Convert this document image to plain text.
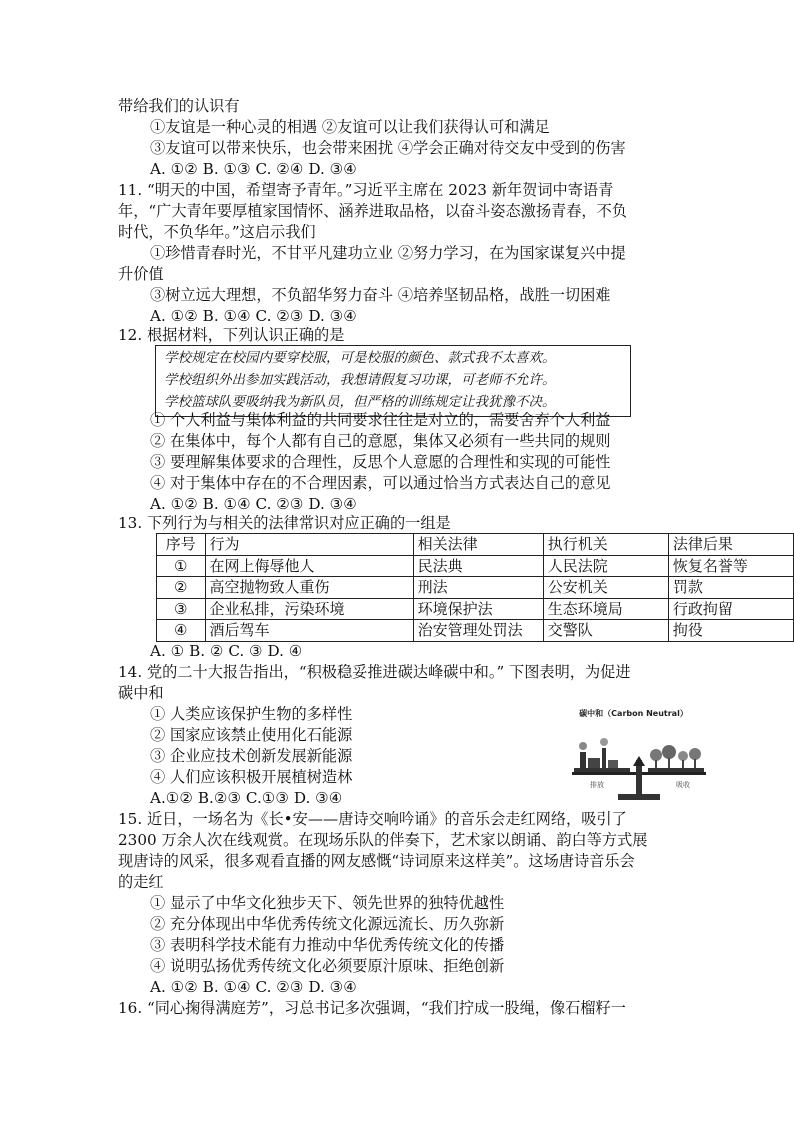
带给我们的认识有
①友谊是一种心灵的相遇 ②友谊可以让我们获得认可和满足
③友谊可以带来快乐，也会带来困扰 ④学会正确对待交友中受到的伤害
A. ①② B. ①③ C. ②④ D. ③④
11. “明天的中国，希望寄予青年。”习近平主席在 2023 新年贺词中寄语青
年，“广大青年要厚植家国情怀、涵养进取品格，以奋斗姿态激扬青春，不负
时代，不负华年。”这启示我们
①珍惜青春时光，不甘平凡建功立业 ②努力学习，在为国家谋复兴中提
升价值
③树立远大理想，不负韶华努力奋斗 ④培养坚韧品格，战胜一切困难
A. ①② B. ①④ C. ②③ D. ③④
12. 根据材料，下列认识正确的是
学校规定在校园内要穿校服，可是校服的颜色、款式我不太喜欢。
学校组织外出参加实践活动，我想请假复习功课，可老师不允许。
学校篮球队要吸纳我为新队员，但严格的训练规定让我犹豫不决。
① 个人利益与集体利益的共同要求往往是对立的，需要舍弃个人利益
② 在集体中，每个人都有自己的意愿，集体又必须有一些共同的规则
③ 要理解集体要求的合理性，反思个人意愿的合理性和实现的可能性
④ 对于集体中存在的不合理因素，可以通过恰当方式表达自己的意见
A. ①② B. ①④ C. ②③ D. ③④
13. 下列行为与相关的法律常识对应正确的一组是
序号	行为	相关法律	执行机关	法律后果
①	在网上侮辱他人	民法典	人民法院	恢复名誉等
②	高空抛物致人重伤	刑法	公安机关	罚款
③	企业私排，污染环境	环境保护法	生态环境局	行政拘留
④	酒后驾车	治安管理处罚法	交警队	拘役
A. ① B. ② C. ③ D. ④
14. 党的二十大报告指出，“积极稳妥推进碳达峰碳中和。” 下图表明，为促进
碳中和
① 人类应该保护生物的多样性
② 国家应该禁止使用化石能源
③ 企业应技术创新发展新能源
④ 人们应该积极开展植树造林
A.①② B.②③ C.①③ D. ③④
碳中和（Carbon Neutral）
排放	吸收
15. 近日，一场名为《长•安——唐诗交响吟诵》的音乐会走红网络，吸引了
2300 万余人次在线观赏。在现场乐队的伴奏下，艺术家以朗诵、韵白等方式展
现唐诗的风采，很多观看直播的网友感慨“诗词原来这样美”。这场唐诗音乐会
的走红
① 显示了中华文化独步天下、领先世界的独特优越性
② 充分体现出中华优秀传统文化源远流长、历久弥新
③ 表明科学技术能有力推动中华优秀传统文化的传播
④ 说明弘扬优秀传统文化必须要原汁原味、拒绝创新
A. ①② B. ①④ C. ②③ D. ③④
16. “同心掬得满庭芳”，习总书记多次强调，“我们拧成一股绳，像石榴籽一
